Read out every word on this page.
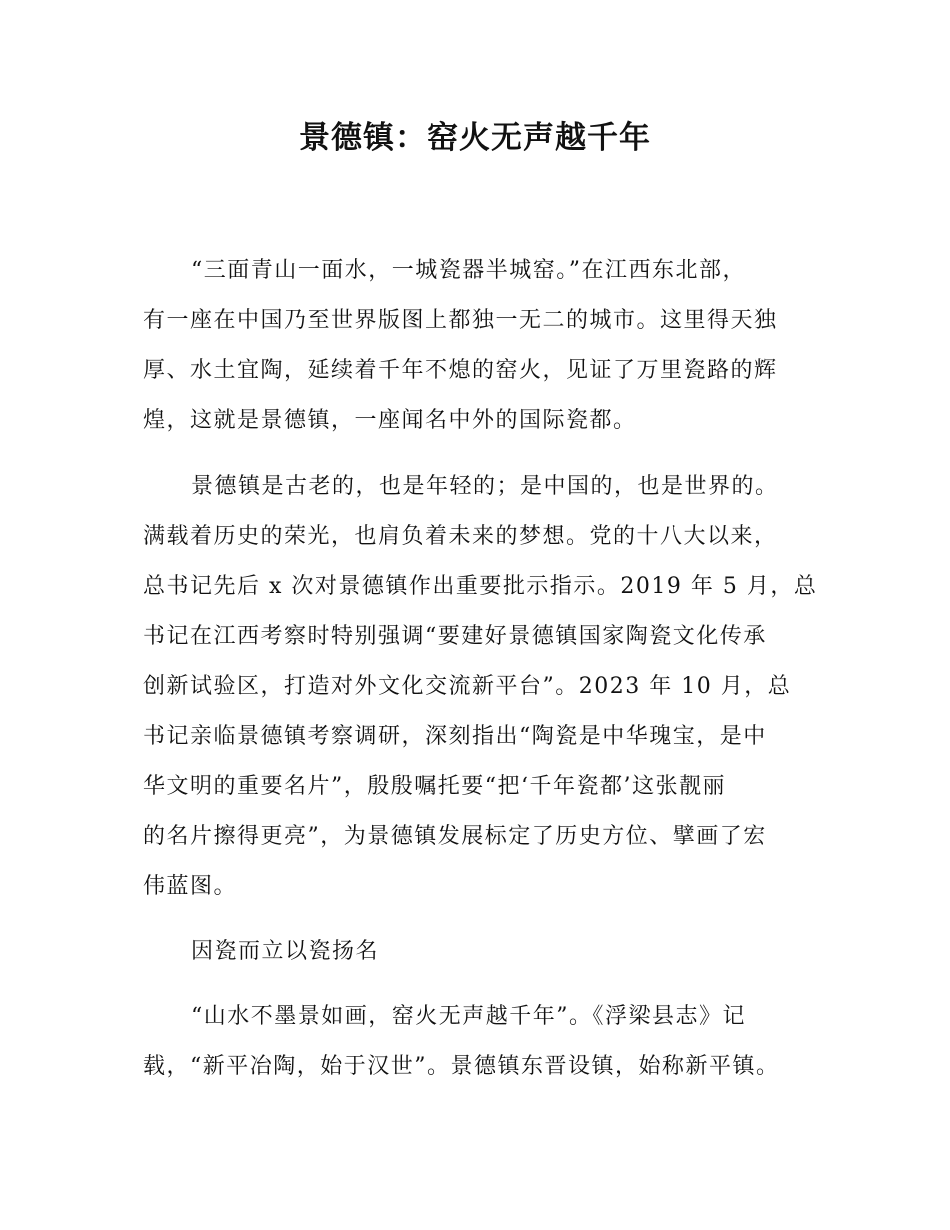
景德镇：窑火无声越千年
“三面青山一面水，一城瓷器半城窑。”在江西东北部，
有一座在中国乃至世界版图上都独一无二的城市。这里得天独
厚、水土宜陶，延续着千年不熄的窑火，见证了万里瓷路的辉
煌，这就是景德镇，一座闻名中外的国际瓷都。
景德镇是古老的，也是年轻的；是中国的，也是世界的。
满载着历史的荣光，也肩负着未来的梦想。党的十八大以来，
总书记先后 x 次对景德镇作出重要批示指示。2019 年 5 月，总
书记在江西考察时特别强调“要建好景德镇国家陶瓷文化传承
创新试验区，打造对外文化交流新平台”。2023 年 10 月，总
书记亲临景德镇考察调研，深刻指出“陶瓷是中华瑰宝，是中
华文明的重要名片”，殷殷嘱托要“把‘千年瓷都’这张靓丽
的名片擦得更亮”，为景德镇发展标定了历史方位、擘画了宏
伟蓝图。
因瓷而立以瓷扬名
“山水不墨景如画，窑火无声越千年”。《浮梁县志》记
载，“新平冶陶，始于汉世”。景德镇东晋设镇，始称新平镇。
